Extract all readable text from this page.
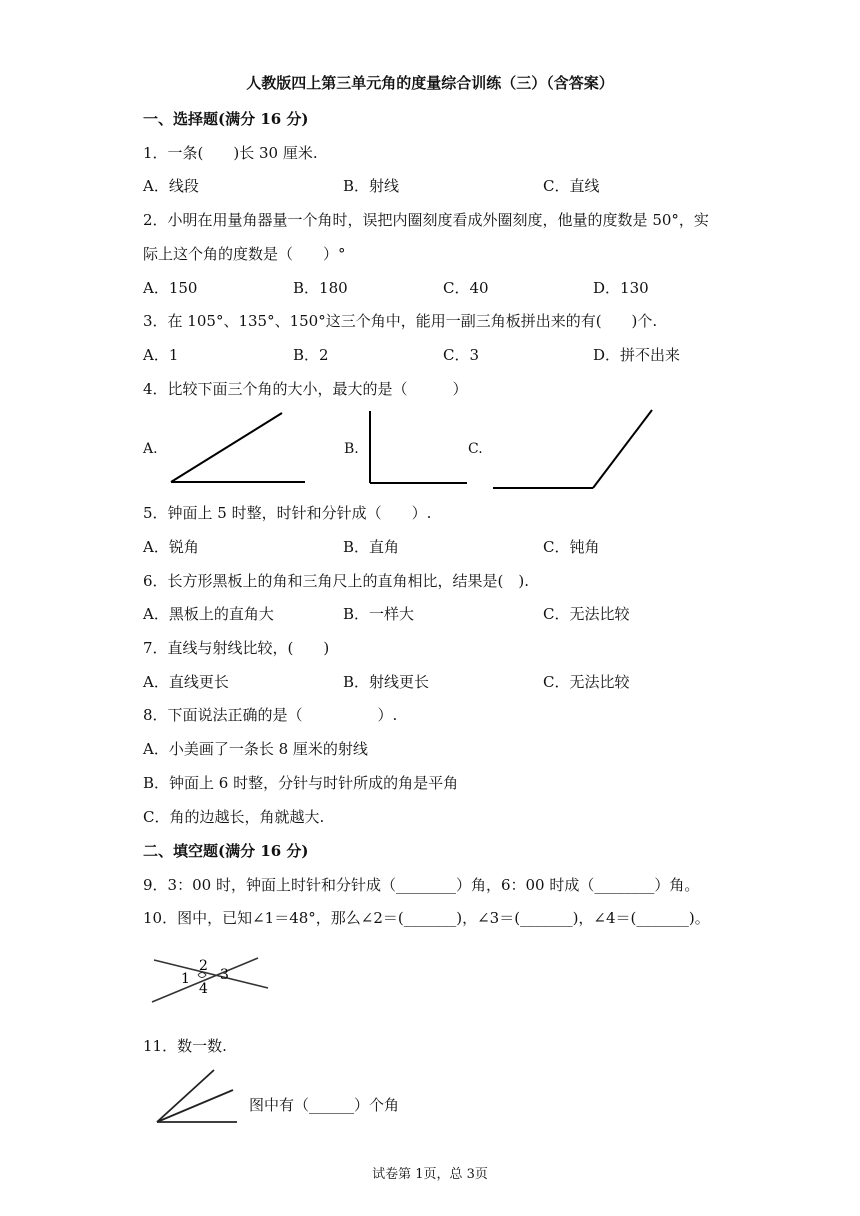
人教版四上第三单元角的度量综合训练（三）（含答案）
一、选择题(满分 16 分)
1．一条(　　)长 30 厘米.
A．线段	B．射线	C．直线
2．小明在用量角器量一个角时，误把内圈刻度看成外圈刻度，他量的度数是 50°，实
际上这个角的度数是（　　）°
A．150	B．180	C．40	D．130
3．在 105°、135°、150°这三个角中，能用一副三角板拼出来的有(　　)个.
A．1	B．2	C．3	D．拼不出来
4．比较下面三个角的大小，最大的是（　　　）
A.	B.	C.
5．钟面上 5 时整，时针和分针成（　　）.
A．锐角	B．直角	C．钝角
6．长方形黑板上的角和三角尺上的直角相比，结果是(　).
A．黑板上的直角大	B．一样大	C．无法比较
7．直线与射线比较，(　　)
A．直线更长	B．射线更长	C．无法比较
8．下面说法正确的是（　　　　　）.
A．小美画了一条长 8 厘米的射线
B．钟面上 6 时整，分针与时针所成的角是平角
C．角的边越长，角就越大.
二、填空题(满分 16 分)
9．3：00 时，钟面上时针和分针成（________）角，6：00 时成（________）角。
10．图中，已知∠1＝48°，那么∠2＝(_______)，∠3＝(_______)，∠4＝(_______)。
1
2
3
4
11．数一数.
图中有（______）个角
试卷第 1页，总 3页
